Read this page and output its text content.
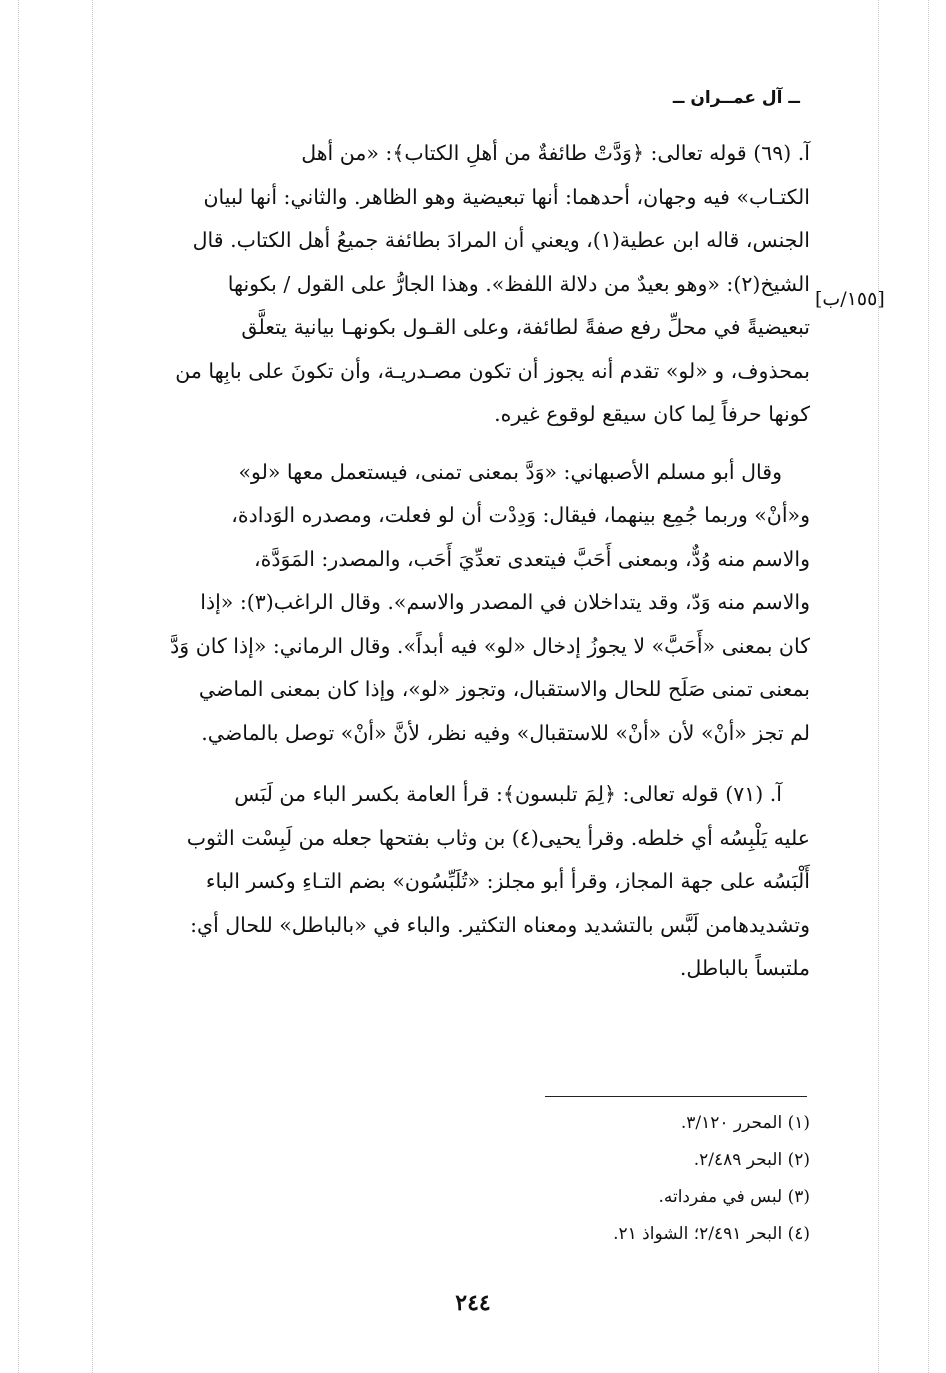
ــ آل عمــران ــ

آ. (٦٩) قوله تعالى: ﴿وَدَّتْ طائفةٌ من أهلِ الكتاب﴾: «من أهل

الكتـاب» فيه وجهان، أحدهما: أنها تبعيضية وهو الظاهر. والثاني: أنها لبيان

الجنس، قاله ابن عطية(١)، ويعني أن المرادَ بطائفة جميعُ أهل الكتاب. قال

الشيخ(٢): «وهو بعيدٌ من دلالة اللفظ». وهذا الجارُّ على القول / بكونها

تبعيضيةً في محلِّ رفع صفةً لطائفة، وعلى القـول بكونهـا بيانية يتعلَّق

بمحذوف، و «لو» تقدم أنه يجوز أن تكون مصـدريـة، وأن تكونَ على بابِها من

كونها حرفاً لِما كان سيقع لوقوع غيره.

وقال أبو مسلم الأصبهاني: «وَدَّ بمعنى تمنى، فيستعمل معها «لو»

و«أنْ» وربما جُمِع بينهما، فيقال: وَدِدْت أن لو فعلت، ومصدره الوَدادة،

والاسم منه وُدٌّ، وبمعنى أَحَبَّ فيتعدى تعدِّيَ أَحَب، والمصدر: المَوَدَّة،

والاسم منه وَدّ، وقد يتداخلان في المصدر والاسم». وقال الراغب(٣): «إذا

كان بمعنى «أَحَبَّ» لا يجوزُ إدخال «لو» فيه أبداً». وقال الرماني: «إذا كان وَدَّ

بمعنى تمنى صَلَح للحال والاستقبال، وتجوز «لو»، وإذا كان بمعنى الماضي

لم تجز «أنْ» لأن «أنْ» للاستقبال» وفيه نظر، لأنَّ «أنْ» توصل بالماضي.

آ. (٧١) قوله تعالى: ﴿لِمَ تلبسون﴾: قرأ العامة بكسر الباء من لَبَس

عليه يَلْبِسُه أي خلطه. وقرأ يحيى(٤) بن وثاب بفتحها جعله من لَبِسْت الثوب

أَلْبَسُه على جهة المجاز، وقرأ أبو مجلز: «تُلَبِّسُون» بضم التـاءِ وكسر الباء

وتشديدهامن لَبَّس بالتشديد ومعناه التكثير. والباء في «بالباطل» للحال أي:

ملتبساً بالباطل.

[١٥٥/ب]
(١) المحرر ٣/١٢٠.
(٢) البحر ٢/٤٨٩.
(٣) لبس في مفرداته.
(٤) البحر ٢/٤٩١؛ الشواذ ٢١.
٢٤٤
